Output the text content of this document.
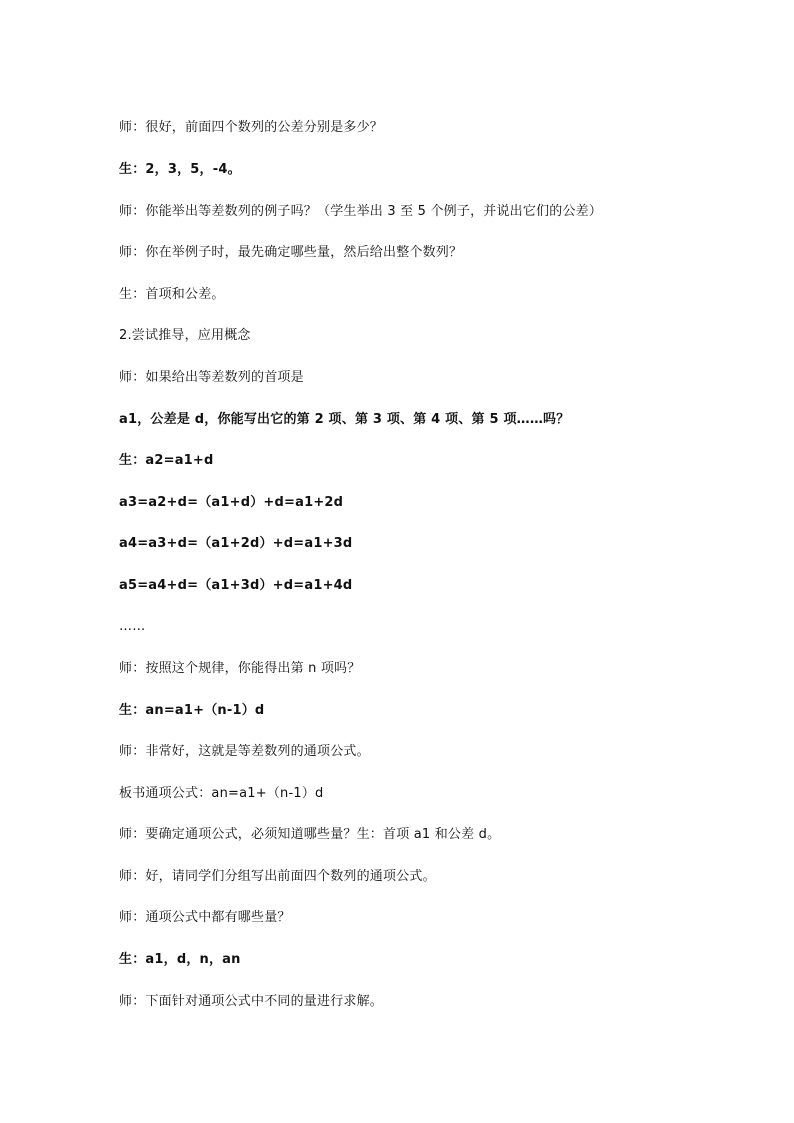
师：很好，前面四个数列的公差分别是多少？
生：2，3，5，-4。
师：你能举出等差数列的例子吗？（学生举出 3 至 5 个例子，并说出它们的公差）
师：你在举例子时，最先确定哪些量，然后给出整个数列？
生：首项和公差。
2.尝试推导，应用概念
师：如果给出等差数列的首项是
a1，公差是 d，你能写出它的第 2 项、第 3 项、第 4 项、第 5 项……吗？
生：a2=a1+d
a3=a2+d=（a1+d）+d=a1+2d
a4=a3+d=（a1+2d）+d=a1+3d
a5=a4+d=（a1+3d）+d=a1+4d
……
师：按照这个规律，你能得出第 n 项吗？
生：an=a1+（n-1）d
师：非常好，这就是等差数列的通项公式。
板书通项公式：an=a1+（n-1）d
师：要确定通项公式，必须知道哪些量？生：首项 a1 和公差 d。
师：好，请同学们分组写出前面四个数列的通项公式。
师：通项公式中都有哪些量？
生：a1，d，n，an
师：下面针对通项公式中不同的量进行求解。
